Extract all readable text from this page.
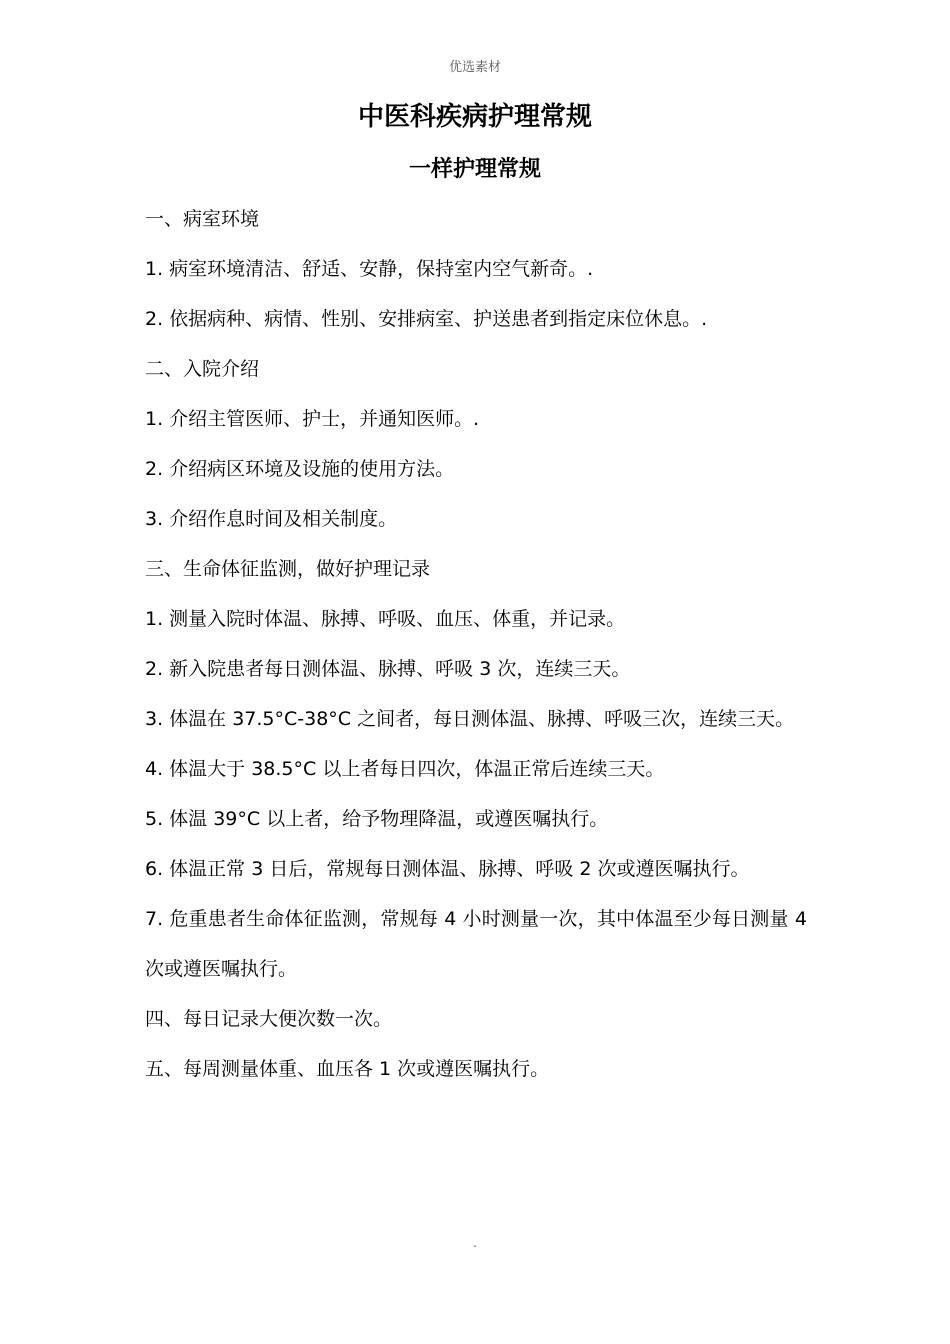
优选素材
中医科疾病护理常规
一样护理常规

一、病室环境

1. 病室环境清洁、舒适、安静，保持室内空气新奇。.

2. 依据病种、病情、性别、安排病室、护送患者到指定床位休息。.

二、入院介绍

1. 介绍主管医师、护士，并通知医师。.

2. 介绍病区环境及设施的使用方法。

3. 介绍作息时间及相关制度。

三、生命体征监测，做好护理记录

1. 测量入院时体温、脉搏、呼吸、血压、体重，并记录。

2. 新入院患者每日测体温、脉搏、呼吸 3 次，连续三天。

3. 体温在 37.5°C-38°C 之间者，每日测体温、脉搏、呼吸三次，连续三天。

4. 体温大于 38.5°C 以上者每日四次，体温正常后连续三天。

5. 体温 39°C 以上者，给予物理降温，或遵医嘱执行。

6. 体温正常 3 日后，常规每日测体温、脉搏、呼吸 2 次或遵医嘱执行。

7. 危重患者生命体征监测，常规每 4 小时测量一次，其中体温至少每日测量 4 次或遵医嘱执行。

四、每日记录大便次数一次。

五、每周测量体重、血压各 1 次或遵医嘱执行。

.
